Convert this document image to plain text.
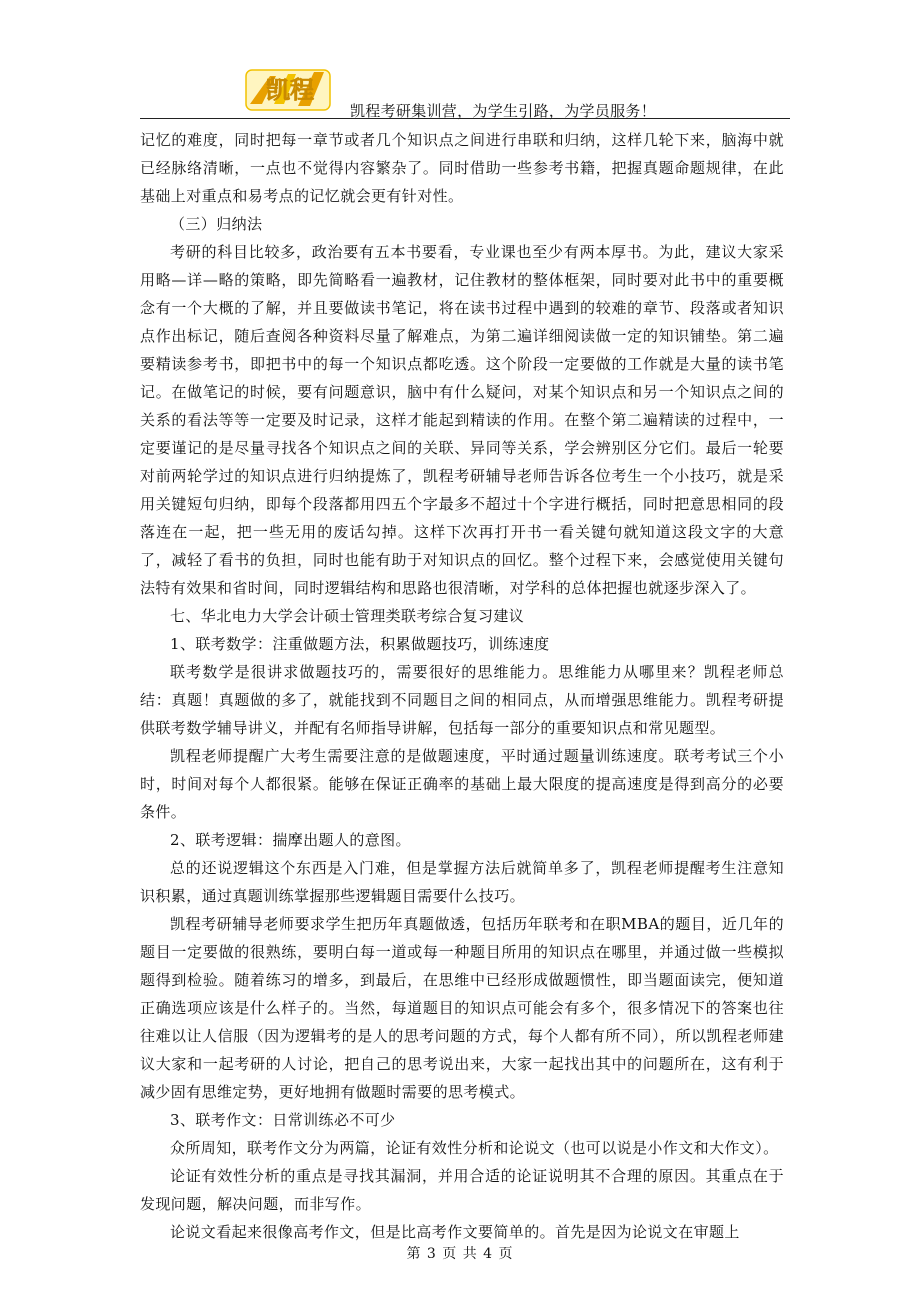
凯程
凯程考研集训营，为学生引路，为学员服务！

记忆的难度，同时把每一章节或者几个知识点之间进行串联和归纳，这样几轮下来，脑海中就已经脉络清晰，一点也不觉得内容繁杂了。同时借助一些参考书籍，把握真题命题规律，在此基础上对重点和易考点的记忆就会更有针对性。

（三）归纳法

考研的科目比较多，政治要有五本书要看，专业课也至少有两本厚书。为此，建议大家采用略—详—略的策略，即先简略看一遍教材，记住教材的整体框架，同时要对此书中的重要概念有一个大概的了解，并且要做读书笔记，将在读书过程中遇到的较难的章节、段落或者知识点作出标记，随后查阅各种资料尽量了解难点，为第二遍详细阅读做一定的知识铺垫。第二遍要精读参考书，即把书中的每一个知识点都吃透。这个阶段一定要做的工作就是大量的读书笔记。在做笔记的时候，要有问题意识，脑中有什么疑问，对某个知识点和另一个知识点之间的关系的看法等等一定要及时记录，这样才能起到精读的作用。在整个第二遍精读的过程中，一定要谨记的是尽量寻找各个知识点之间的关联、异同等关系，学会辨别区分它们。最后一轮要对前两轮学过的知识点进行归纳提炼了，凯程考研辅导老师告诉各位考生一个小技巧，就是采用关键短句归纳，即每个段落都用四五个字最多不超过十个字进行概括，同时把意思相同的段落连在一起，把一些无用的废话勾掉。这样下次再打开书一看关键句就知道这段文字的大意了，减轻了看书的负担，同时也能有助于对知识点的回忆。整个过程下来，会感觉使用关键句法特有效果和省时间，同时逻辑结构和思路也很清晰，对学科的总体把握也就逐步深入了。

七、华北电力大学会计硕士管理类联考综合复习建议

1、联考数学：注重做题方法，积累做题技巧，训练速度

联考数学是很讲求做题技巧的，需要很好的思维能力。思维能力从哪里来？凯程老师总结：真题！真题做的多了，就能找到不同题目之间的相同点，从而增强思维能力。凯程考研提供联考数学辅导讲义，并配有名师指导讲解，包括每一部分的重要知识点和常见题型。

凯程老师提醒广大考生需要注意的是做题速度，平时通过题量训练速度。联考考试三个小时，时间对每个人都很紧。能够在保证正确率的基础上最大限度的提高速度是得到高分的必要条件。

2、联考逻辑：揣摩出题人的意图。

总的还说逻辑这个东西是入门难，但是掌握方法后就简单多了，凯程老师提醒考生注意知识积累，通过真题训练掌握那些逻辑题目需要什么技巧。

凯程考研辅导老师要求学生把历年真题做透，包括历年联考和在职MBA的题目，近几年的题目一定要做的很熟练，要明白每一道或每一种题目所用的知识点在哪里，并通过做一些模拟题得到检验。随着练习的增多，到最后，在思维中已经形成做题惯性，即当题面读完，便知道正确选项应该是什么样子的。当然，每道题目的知识点可能会有多个，很多情况下的答案也往往难以让人信服（因为逻辑考的是人的思考问题的方式，每个人都有所不同），所以凯程老师建议大家和一起考研的人讨论，把自己的思考说出来，大家一起找出其中的问题所在，这有利于减少固有思维定势，更好地拥有做题时需要的思考模式。

3、联考作文：日常训练必不可少

众所周知，联考作文分为两篇，论证有效性分析和论说文（也可以说是小作文和大作文）。

论证有效性分析的重点是寻找其漏洞，并用合适的论证说明其不合理的原因。其重点在于发现问题，解决问题，而非写作。

论说文看起来很像高考作文，但是比高考作文要简单的。首先是因为论说文在审题上

第 3 页 共 4 页
